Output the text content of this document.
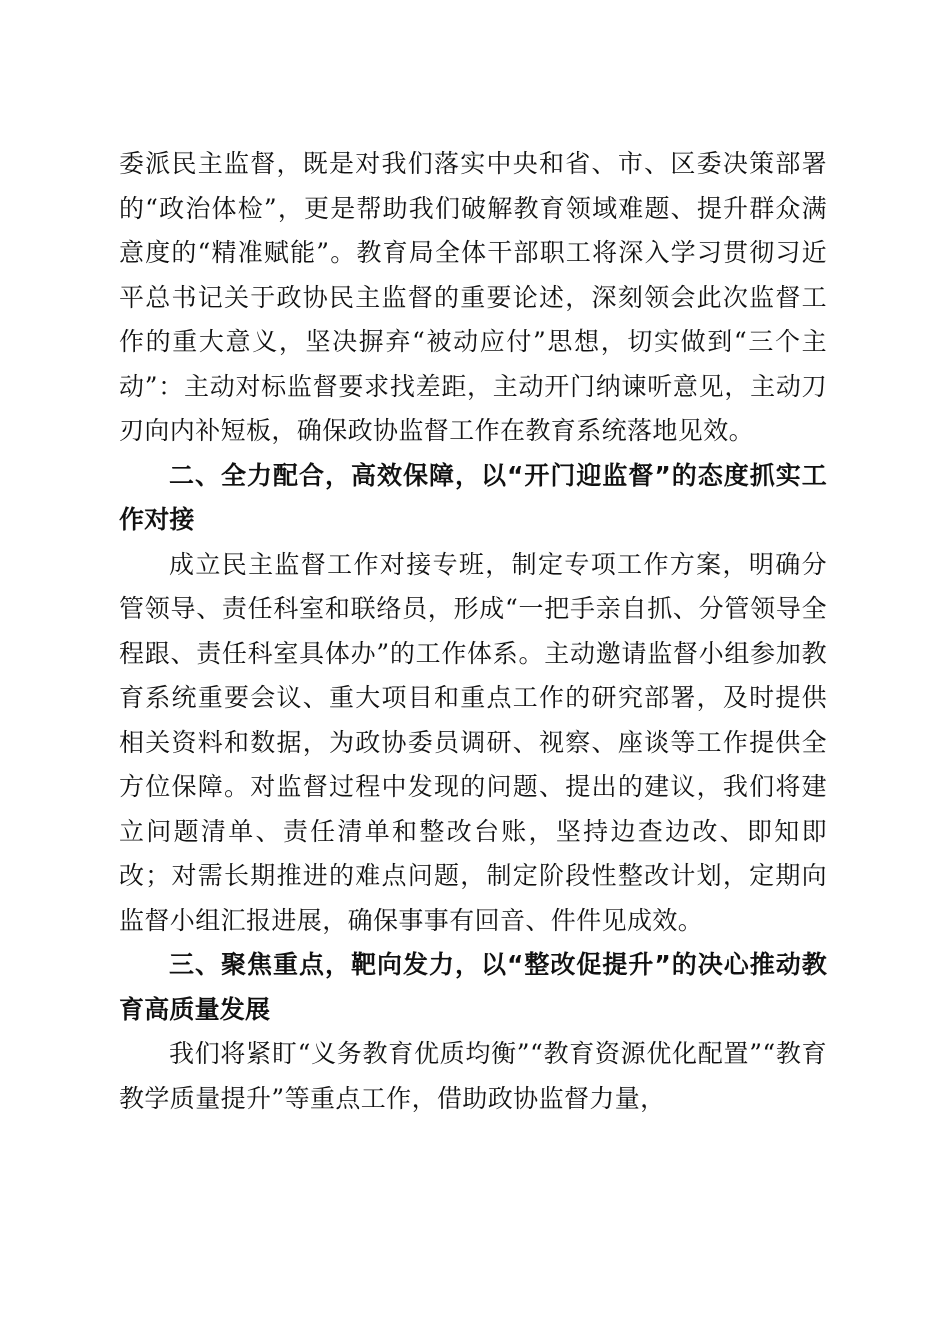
委派民主监督，既是对我们落实中央和省、市、区委决策部署的“政治体检”，更是帮助我们破解教育领域难题、提升群众满意度的“精准赋能”。教育局全体干部职工将深入学习贯彻习近平总书记关于政协民主监督的重要论述，深刻领会此次监督工作的重大意义，坚决摒弃“被动应付”思想，切实做到“三个主动”：主动对标监督要求找差距，主动开门纳谏听意见，主动刀刃向内补短板，确保政协监督工作在教育系统落地见效。

二、全力配合，高效保障，以“开门迎监督”的态度抓实工作对接

成立民主监督工作对接专班，制定专项工作方案，明确分管领导、责任科室和联络员，形成“一把手亲自抓、分管领导全程跟、责任科室具体办”的工作体系。主动邀请监督小组参加教育系统重要会议、重大项目和重点工作的研究部署，及时提供相关资料和数据，为政协委员调研、视察、座谈等工作提供全方位保障。对监督过程中发现的问题、提出的建议，我们将建立问题清单、责任清单和整改台账，坚持边查边改、即知即改；对需长期推进的难点问题，制定阶段性整改计划，定期向监督小组汇报进展，确保事事有回音、件件见成效。

三、聚焦重点，靶向发力，以“整改促提升”的决心推动教育高质量发展

我们将紧盯“义务教育优质均衡”“教育资源优化配置”“教育教学质量提升”等重点工作，借助政协监督力量，
